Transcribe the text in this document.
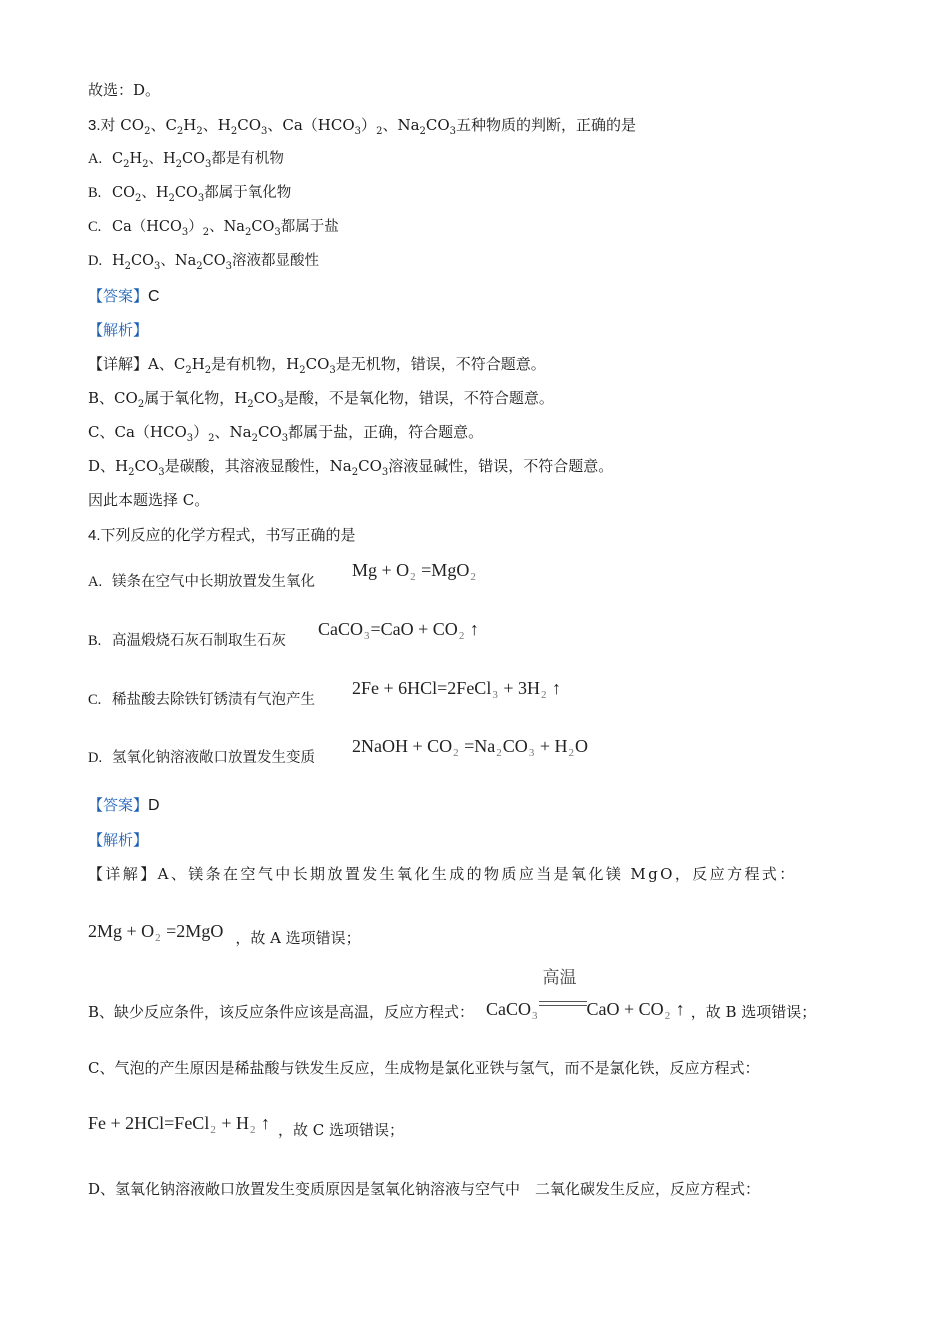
故选：D。
3.对 $CO_2$、$C_2H_2$、$H_2CO_3$、$Ca(HCO_3)_2$、$Na_2CO_3$五种物质的判断，正确的是
A. $C_2H_2$、$H_2CO_3$都是有机物
B. $CO_2$、$H_2CO_3$都属于氧化物
C. $Ca(HCO_3)_2$、$Na_2CO_3$都属于盐
D. $H_2CO_3$、$Na_2CO_3$溶液都显酸性
【答案】C
【解析】
【详解】A、$C_2H_2$是有机物，$H_2CO_3$是无机物，错误，不符合题意。
B、$CO_2$属于氧化物，$H_2CO_3$是酸，不是氧化物，错误，不符合题意。
C、$Ca(HCO_3)_2$、$Na_2CO_3$都属于盐，正确，符合题意。
D、$H_2CO_3$是碳酸，其溶液显酸性，$Na_2CO_3$溶液显碱性，错误，不符合题意。
因此本题选择 C。
4.下列反应的化学方程式，书写正确的是
A. 镁条在空气中长期放置发生氧化
$Mg + O_2 =MgO_2$
B. 高温煅烧石灰石制取生石灰
CaCO$_3$=CaO + $CO_2$ ↑
C. 稀盐酸去除铁钉锈渍有气泡产生
2Fe + 6HCl=2FeCl$_3$ + $3H_2$ ↑
D. 氢氧化钠溶液敞口放置发生变质
2NaOH + $CO_2 =Na_2CO_3 + H_2O$
【答案】D
【解析】
【详解】A、镁条在空气中长期放置发生氧化生成的物质应当是氧化镁 MgO，反应方程式：
$2Mg + O_2 =2MgO$ ，故 A 选项错误；
B、缺少反应条件，该反应条件应该是高温，反应方程式： CaCO$_3$
高温
CaO + $CO_2$ ↑ ，故 B 选项错误；
C、气泡的产生原因是稀盐酸与铁发生反应，生成物是氯化亚铁与氢气，而不是氯化铁，反应方程式：
Fe + 2HCl=FeCl$_2$ + $H_2$ ↑ ，故 C 选项错误；
D、氢氧化钠溶液敞口放置发生变质原因是氢氧化钠溶液与空气中　二氧化碳发生反应，反应方程式：
